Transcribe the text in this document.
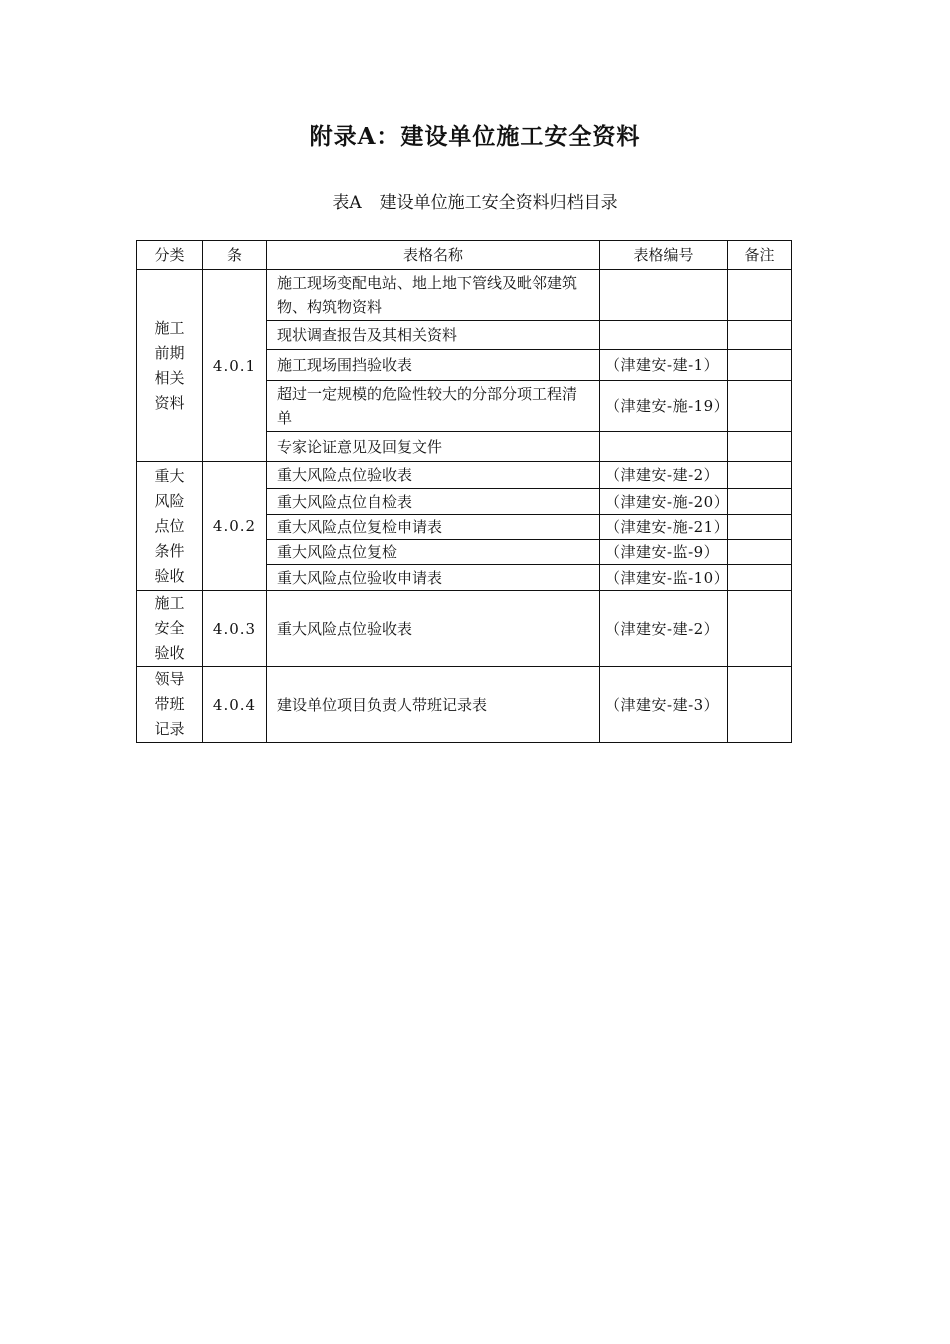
附录A：建设单位施工安全资料
表A 建设单位施工安全资料归档目录
分类	条	表格名称	表格编号	备注
施工前期相关资料	4.0.1	施工现场变配电站、地上地下管线及毗邻建筑物、构筑物资料		
		现状调查报告及其相关资料		
		施工现场围挡验收表	（津建安-建-1）	
		超过一定规模的危险性较大的分部分项工程清单	（津建安-施-19）	
		专家论证意见及回复文件		
重大风险点位条件验收	4.0.2	重大风险点位验收表	（津建安-建-2）	
		重大风险点位自检表	（津建安-施-20）	
		重大风险点位复检申请表	（津建安-施-21）	
		重大风险点位复检	（津建安-监-9）	
		重大风险点位验收申请表	（津建安-监-10）	
施工安全验收	4.0.3	重大风险点位验收表	（津建安-建-2）	
领导带班记录	4.0.4	建设单位项目负责人带班记录表	（津建安-建-3）	
